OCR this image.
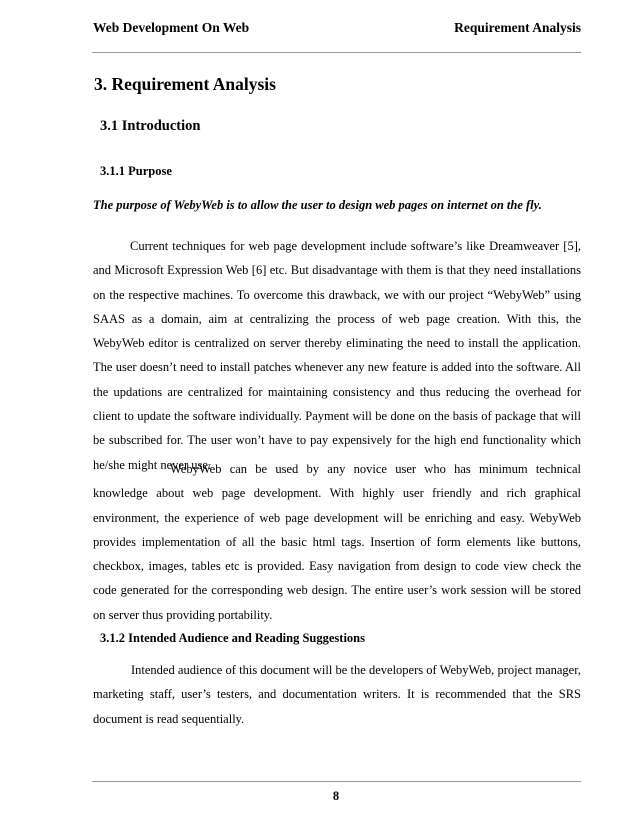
Web Development On Web	Requirement Analysis
3. Requirement Analysis
3.1 Introduction
3.1.1 Purpose
The purpose of WebyWeb is to allow the user to design web pages on internet on the fly.

Current techniques for web page development include software’s like Dreamweaver [5], and Microsoft Expression Web [6] etc. But disadvantage with them is that they need installations on the respective machines. To overcome this drawback, we with our project “WebyWeb” using SAAS as a domain, aim at centralizing the process of web page creation. With this, the WebyWeb editor is centralized on server thereby eliminating the need to install the application. The user doesn’t need to install patches whenever any new feature is added into the software. All the updations are centralized for maintaining consistency and thus reducing the overhead for client to update the software individually. Payment will be done on the basis of package that will be subscribed for. The user won’t have to pay expensively for the high end functionality which he/she might never use.

WebyWeb can be used by any novice user who has minimum technical knowledge about web page development. With highly user friendly and rich graphical environment, the experience of web page development will be enriching and easy. WebyWeb provides implementation of all the basic html tags. Insertion of form elements like buttons, checkbox, images, tables etc is provided. Easy navigation from design to code view check the code generated for the corresponding web design. The entire user’s work session will be stored on server thus providing portability.

3.1.2 Intended Audience and Reading Suggestions

Intended audience of this document will be the developers of WebyWeb, project manager, marketing staff, user’s testers, and documentation writers. It is recommended that the SRS document is read sequentially.

8
